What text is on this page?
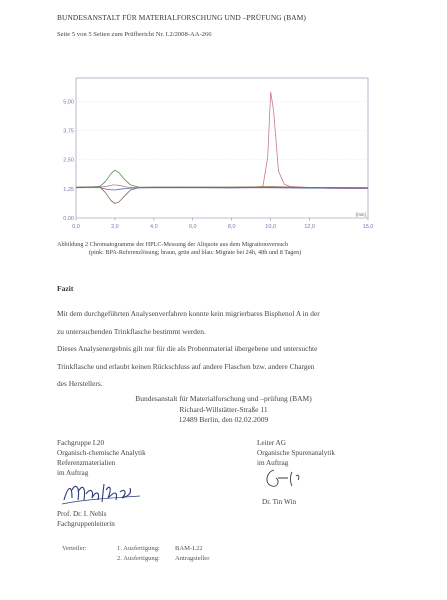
BUNDESANSTALT FÜR MATERIALFORSCHUNG UND –PRÜFUNG (BAM)
Seite 5 von 5 Seiten zum Prüfbericht Nr. I.2/2008-AA-266
0,00
1,25
2,50
3,75
5,00
0,0	2,0	4,0	6,0	8,0	10,0	12,0	15,0
[min]
Abbildung 2 Chromatogramme der HPLC-Messung der Aliquote aus dem Migrationsversuch
(pink: BPA-Referenzlösung; braun, grün and blau: Migrate bei 24h, 48h und 8 Tagen)
Fazit
Mit dem durchgeführten Analysenverfahren konnte kein migrierbares Bisphenol A in der
zu untersuchenden Trinkflasche bestimmt werden.
Dieses Analysenergebnis gilt nur für die als Probenmaterial übergebene und untersuchte
Trinkflasche und erlaubt keinen Rückschluss auf andere Flaschen bzw. andere Chargen
des Herstellers.
Bundesanstalt für Materialforschung und –prüfung (BAM)
Richard-Willstätter-Straße 11
12489 Berlin, den 02.02.2009
Fachgruppe I.20
Organisch-chemische Analytik
Referenzmaterialien
im Auftrag
Prof. Dr. I. Nehls
Fachgruppenleiterin
Leiter AG
Organische Spurenanalytik
im Auftrag
Dr. Tin Win
Verteiler:	1. Ausfertigung: BAM-I.22
2. Ausfertigung: Antragsteller
